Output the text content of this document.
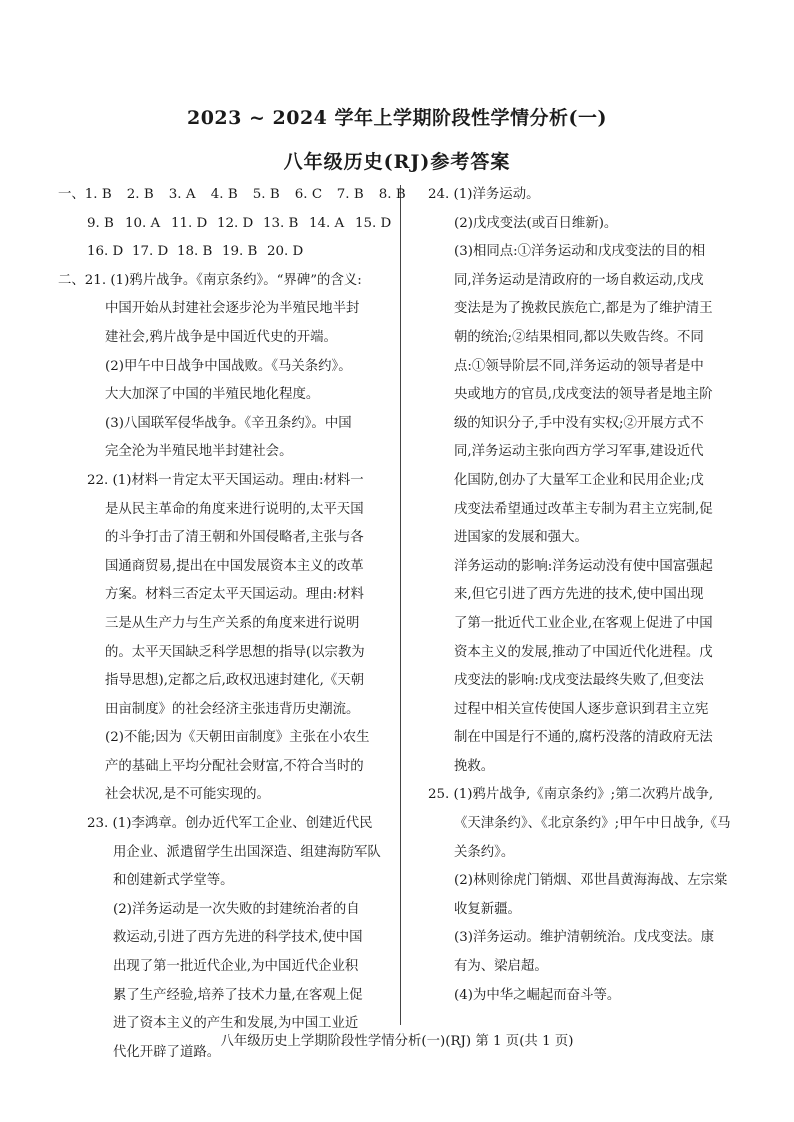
2023 ~ 2024 学年上学期阶段性学情分析(一)
八年级历史(RJ)参考答案
一、1. B 2. B 3. A 4. B 5. B 6. C 7. B 8. B
9. B 10. A 11. D 12. D 13. B 14. A 15. D
16. D 17. D 18. B 19. B 20. D
二、21. (1)鸦片战争。《南京条约》。“界碑”的含义:
中国开始从封建社会逐步沦为半殖民地半封
建社会,鸦片战争是中国近代史的开端。
(2)甲午中日战争中国战败。《马关条约》。
大大加深了中国的半殖民地化程度。
(3)八国联军侵华战争。《辛丑条约》。中国
完全沦为半殖民地半封建社会。
22. (1)材料一肯定太平天国运动。理由:材料一
是从民主革命的角度来进行说明的,太平天国
的斗争打击了清王朝和外国侵略者,主张与各
国通商贸易,提出在中国发展资本主义的改革
方案。材料三否定太平天国运动。理由:材料
三是从生产力与生产关系的角度来进行说明
的。太平天国缺乏科学思想的指导(以宗教为
指导思想),定都之后,政权迅速封建化,《天朝
田亩制度》的社会经济主张违背历史潮流。
(2)不能;因为《天朝田亩制度》主张在小农生
产的基础上平均分配社会财富,不符合当时的
社会状况,是不可能实现的。
23. (1)李鸿章。创办近代军工企业、创建近代民
用企业、派遣留学生出国深造、组建海防军队
和创建新式学堂等。
(2)洋务运动是一次失败的封建统治者的自
救运动,引进了西方先进的科学技术,使中国
出现了第一批近代企业,为中国近代企业积
累了生产经验,培养了技术力量,在客观上促
进了资本主义的产生和发展,为中国工业近
代化开辟了道路。
24. (1)洋务运动。
(2)戊戌变法(或百日维新)。
(3)相同点:①洋务运动和戊戌变法的目的相
同,洋务运动是清政府的一场自救运动,戊戌
变法是为了挽救民族危亡,都是为了维护清王
朝的统治;②结果相同,都以失败告终。不同
点:①领导阶层不同,洋务运动的领导者是中
央或地方的官员,戊戌变法的领导者是地主阶
级的知识分子,手中没有实权;②开展方式不
同,洋务运动主张向西方学习军事,建设近代
化国防,创办了大量军工企业和民用企业;戊
戌变法希望通过改革主专制为君主立宪制,促
进国家的发展和强大。
洋务运动的影响:洋务运动没有使中国富强起
来,但它引进了西方先进的技术,使中国出现
了第一批近代工业企业,在客观上促进了中国
资本主义的发展,推动了中国近代化进程。戊
戌变法的影响:戊戌变法最终失败了,但变法
过程中相关宣传使国人逐步意识到君主立宪
制在中国是行不通的,腐朽没落的清政府无法
挽救。
25. (1)鸦片战争,《南京条约》;第二次鸦片战争,
《天津条约》、《北京条约》;甲午中日战争,《马
关条约》。
(2)林则徐虎门销烟、邓世昌黄海海战、左宗棠
收复新疆。
(3)洋务运动。维护清朝统治。戊戌变法。康
有为、梁启超。
(4)为中华之崛起而奋斗等。
八年级历史上学期阶段性学情分析(一)(RJ) 第 1 页(共 1 页)
